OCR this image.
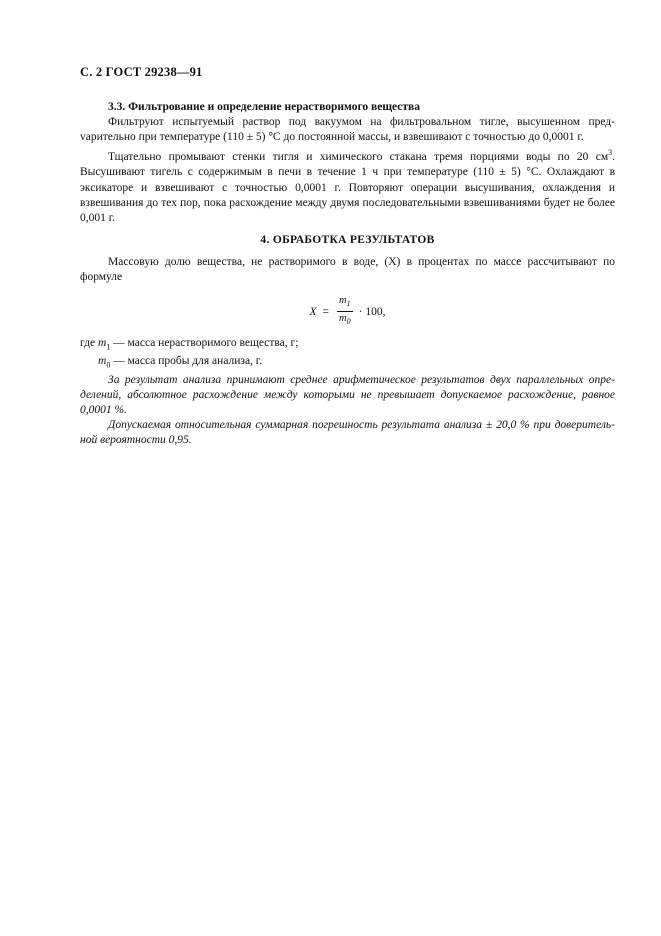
С. 2 ГОСТ 29238—91
3.3. Фильтрование и определение нерастворимого вещества

Фильтруют испытуемый раствор под вакуумом на фильтровальном тигле, высушенном предvарительно при температуре (110 ± 5) °С до постоянной массы, и взвешивают с точностью до 0,0001 г.

Тщательно промывают стенки тигля и химического стакана тремя порциями воды по 20 $см^3$. Высушивают тигель с содержимым в печи в течение 1 ч при температуре (110 ± 5) °С. Охлаждают в эксикаторе и взвешивают с точностью 0,0001 г. Повторяют операции высушивания, охлаждения и взвешивания до тех пор, пока расхождение между двумя последовательными взвешиваниями будет не более 0,001 г.

4. ОБРАБОТКА РЕЗУЛЬТАТОВ

Массовую долю вещества, не растворимого в воде, (X) в процентах по массе рассчитывают по формуле

$X = \frac{m_1}{m_0} \cdot 100$,
где $m_1$ — масса нерастворимого вещества, г;
$m_0$ — масса пробы для анализа, г.

За результат анализа принимают среднее арифметическое результатов двух параллельных определений, абсолютное расхождение между которыми не превышает допускаемое расхождение, равное 0,0001 %.

Допускаемая относительная суммарная погрешность результата анализа ± 20,0 % при доверительной вероятности 0,95.
